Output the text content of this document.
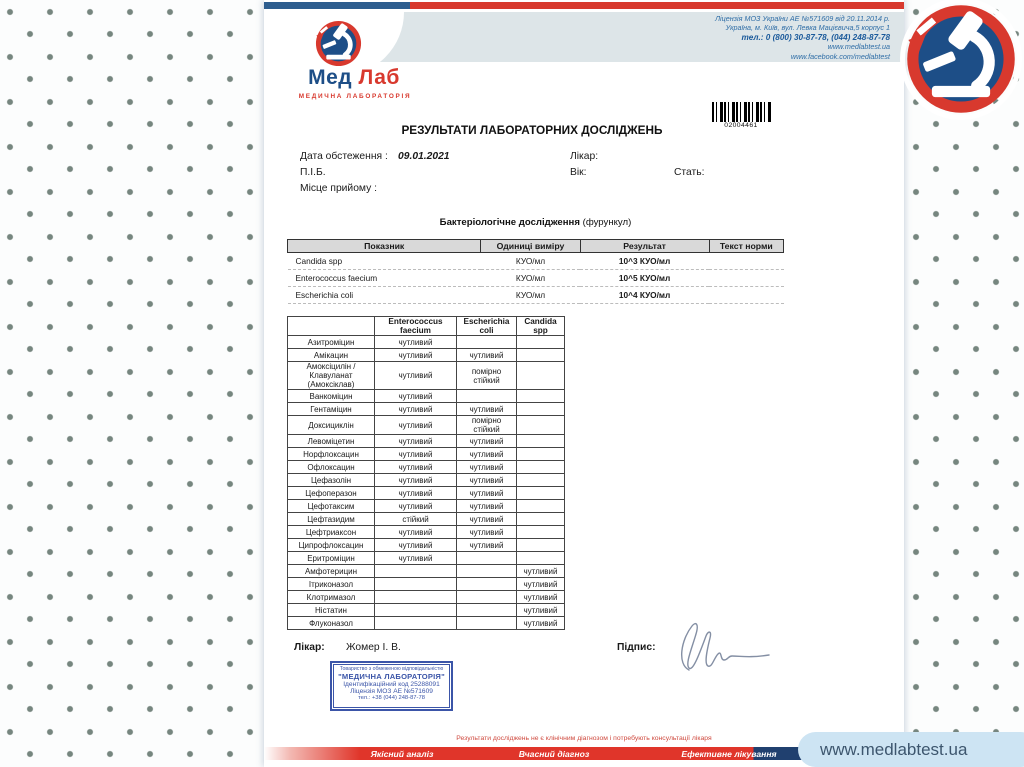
Мед Лаб
МЕДИЧНА ЛАБОРАТОРІЯ
Ліцензія МОЗ України АЕ №571609 від 20.11.2014 р.
Україна, м. Київ, вул. Левка Мацієвича,5 корпус 1
тел.: 0 (800) 30-87-78, (044) 248-87-78
www.medlabtest.ua
www.facebook.com/medlabtest
02004461
РЕЗУЛЬТАТИ ЛАБОРАТОРНИХ ДОСЛІДЖЕНЬ
Дата обстеження : 09.01.2021	Лікар:
П.І.Б.	Вік:	Стать:
Місце прийому :
Бактеріологічне дослідження (фурункул)
Показник	Одиниці виміру	Результат	Текст норми
Candida spp	КУО/мл	10^3 КУО/мл	
Enterococcus faecium	КУО/мл	10^5 КУО/мл	
Escherichia coli	КУО/мл	10^4 КУО/мл	
	Enterococcus faecium	Escherichia coli	Candida spp
Азитроміцин	чутливий		
Амікацин	чутливий	чутливий	
Амоксіцилін / Клавуланат (Амоксіклав)	чутливий	помірно стійкий	
Ванкоміцин	чутливий		
Гентаміцин	чутливий	чутливий	
Доксициклін	чутливий	помірно стійкий	
Левоміцетин	чутливий	чутливий	
Норфлоксацин	чутливий	чутливий	
Офлоксацин	чутливий	чутливий	
Цефазолін	чутливий	чутливий	
Цефоперазон	чутливий	чутливий	
Цефотаксим	чутливий	чутливий	
Цефтазидим	стійкий	чутливий	
Цефтриаксон	чутливий	чутливий	
Ципрофлоксацин	чутливий	чутливий	
Еритроміцин	чутливий		
Амфотерицин			чутливий
Ітриконазол			чутливий
Клотримазол			чутливий
Ністатин			чутливий
Флуконазол			чутливий
Лікар: Жомер І. В.	Підпис:
Товариство з обмеженою відповідальністю
"МЕДИЧНА ЛАБОРАТОРІЯ"
Ідентифікаційний код 25288091
Ліцензія МОЗ АЕ №571609
тел.: +38 (044) 248-87-78
Результати досліджень не є клінічним діагнозом і потребують консультації лікаря
Якісний аналіз	Вчасний діагноз	Ефективне лікування	www.medlabtest.ua
